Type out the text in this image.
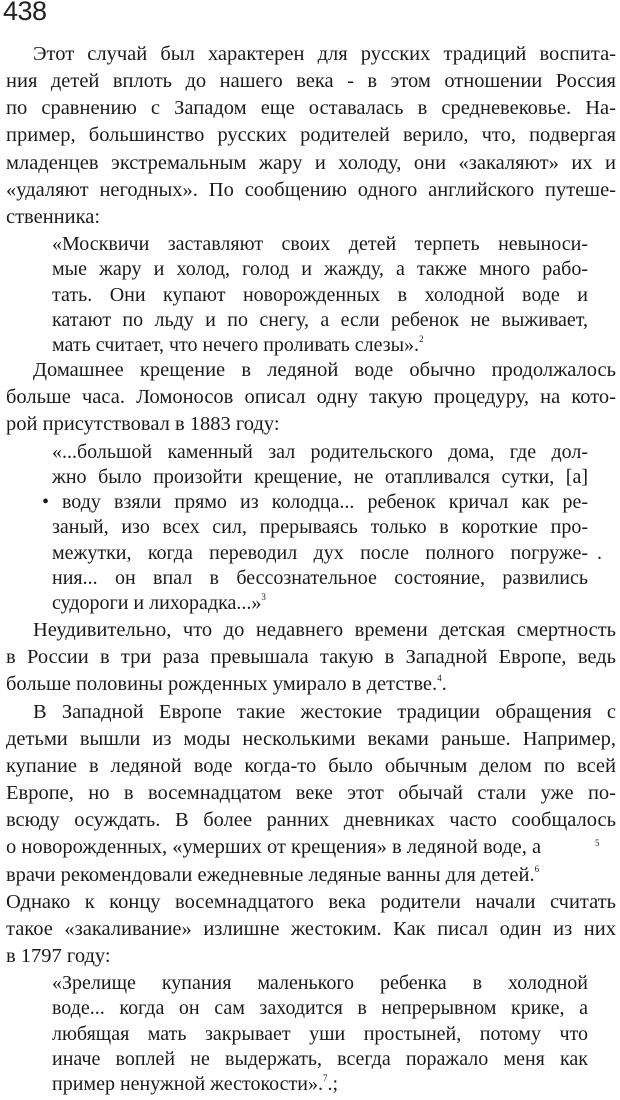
438
Этот случай был характерен для русских традиций воспита-
ния детей вплоть до нашего века - в этом отношении Россия
по сравнению с Западом еще оставалась в средневековье. На-
пример, большинство русских родителей верило, что, подвергая
младенцев экстремальным жару и холоду, они «закаляют» их и
«удаляют негодных». По сообщению одного английского путеше-
ственника:
«Москвичи заставляют своих детей терпеть невыноси-
мые жару и холод, голод и жажду, а также много рабо-
тать. Они купают новорожденных в холодной воде и
катают по льду и по снегу, а если ребенок не выживает,
мать считает, что нечего проливать слезы».$^2$
Домашнее крещение в ледяной воде обычно продолжалось
больше часа. Ломоносов описал одну такую процедуру, на кото-
рой присутствовал в 1883 году:
«...большой каменный зал родительского дома, где дол-
жно было произойти крещение, не отапливался сутки, [а]
• воду взяли прямо из колодца... ребенок кричал как ре-
заный, изо всех сил, прерываясь только в короткие про-
межутки, когда переводил дух после полного погруже- .
ния... он впал в бессознательное состояние, развились
судороги и лихорадка...»$^3$
Неудивительно, что до недавнего времени детская смертность
в России в три раза превышала такую в Западной Европе, ведь
больше половины рожденных умирало в детстве.$^4$.
В Западной Европе такие жестокие традиции обращения с
детьми вышли из моды несколькими веками раньше. Например,
купание в ледяной воде когда-то было обычным делом по всей
Европе, но в восемнадцатом веке этот обычай стали уже по-
всюду осуждать. В более ранних дневниках часто сообщалось
о новорожденных, «умерших от крещения» в ледяной воде, а
врачи рекомендовали ежедневные ледяные ванны для детей.$^6$
Однако к концу восемнадцатого века родители начали считать
такое «закаливание» излишне жестоким. Как писал один из них
в 1797 году:
5
«Зрелище купания маленького ребенка в холодной
воде... когда он сам заходится в непрерывном крике, а
любящая мать закрывает уши простыней, потому что
иначе воплей не выдержать, всегда поражало меня как
пример ненужной жестокости».$^7$.;
